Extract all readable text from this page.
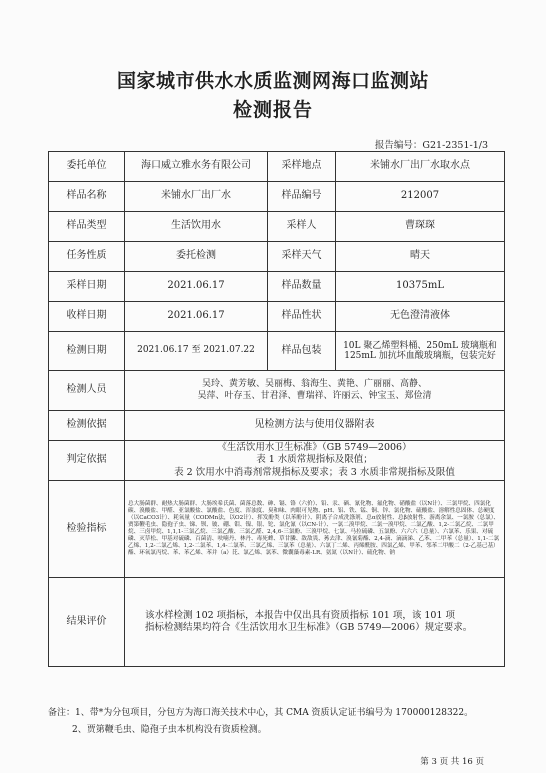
国家城市供水水质监测网海口监测站
检测报告
报告编号：G21-2351-1/3
委托单位	海口威立雅水务有限公司	采样地点	米铺水厂出厂水取水点
样品名称	米铺水厂出厂水	样品编号	212007
样品类型	生活饮用水	采样人	曹琛琛
任务性质	委托检测	采样天气	晴天
采样日期	2021.06.17	样品数量	10375mL
收样日期	2021.06.17	样品性状	无色澄清液体
检测日期	2021.06.17 至 2021.07.22	样品包装	10L 聚乙烯塑料桶、250mL 玻璃瓶和 125mL 加抗坏血酸玻璃瓶，包装完好
检测人员	吴玲、黄芳敏、吴丽梅、翁海生、黄艳、广丽丽、高静、
吴萍、叶存玉、甘君泽、曹瑞祥、许丽云、钟宝玉、郑俭清		

检测依据	见检测方法与使用仪器附表		
判定依据	《生活饮用水卫生标准》（GB 5749—2006）
表 1 水质常规指标及限值；
表 2 饮用水中消毒剂常规指标及要求；表 3 水质非常规指标及限值		

检验指标	总大肠菌群、耐热大肠菌群、大肠埃希氏菌、菌落总数、砷、镉、铬（六价）、铅、汞、硒、氰化物、氟化物、硝酸盐（以N计）、三氯甲烷、四氯化碳、溴酸盐、甲醛、亚氯酸盐、氯酸盐、色度、浑浊度、臭和味、肉眼可见物、pH、铝、铁、锰、铜、锌、氯化物、硫酸盐、溶解性总固体、总硬度（以CaCO3计）、耗氧量（CODMn法，以O2计）、挥发酚类（以苯酚计）、阴离子合成洗涤剂、总α放射性、总β放射性、游离余氯、一氯胺（总氯）、贾第鞭毛虫、隐孢子虫、锑、钡、铍、硼、钼、镍、银、铊、氯化氰（以CN-计）、一氯二溴甲烷、二氯一溴甲烷、二氯乙酸、1,2-二氯乙烷、二氯甲烷、三卤甲烷、1,1,1-三氯乙烷、三氯乙酸、三氯乙醛、2,4,6-三氯酚、三溴甲烷、七氯、马拉硫磷、五氯酚、六六六（总量）、六氯苯、乐果、对硫磷、灭草松、甲基对硫磷、百菌清、呋喃丹、林丹、毒死蜱、草甘膦、敌敌畏、莠去津、溴氰菊酯、2,4-滴、滴滴涕、乙苯、二甲苯（总量）、1,1-二氯乙烯、1,2-二氯乙烯、1,2-二氯苯、1,4-二氯苯、三氯乙烯、三氯苯（总量）、六氯丁二烯、丙烯酰胺、四氯乙烯、甲苯、邻苯二甲酸二（2-乙基己基）酯、环氧氯丙烷、苯、苯乙烯、苯并（a）芘、氯乙烯、氯苯、微囊藻毒素-LR、氨氮（以N计）、硫化物、钠		
结果评价	该水样检测 102 项指标，本报告中仅出具有资质指标 101 项，该 101 项
指标检测结果均符合《生活饮用水卫生标准》（GB 5749—2006）规定要求。		
备注：1、带*为分包项目，分包方为海口海关技术中心，其 CMA 资质认定证书编号为 170000128322。
2、贾第鞭毛虫、隐孢子虫本机构没有资质检测。
第 3 页 共 16 页
